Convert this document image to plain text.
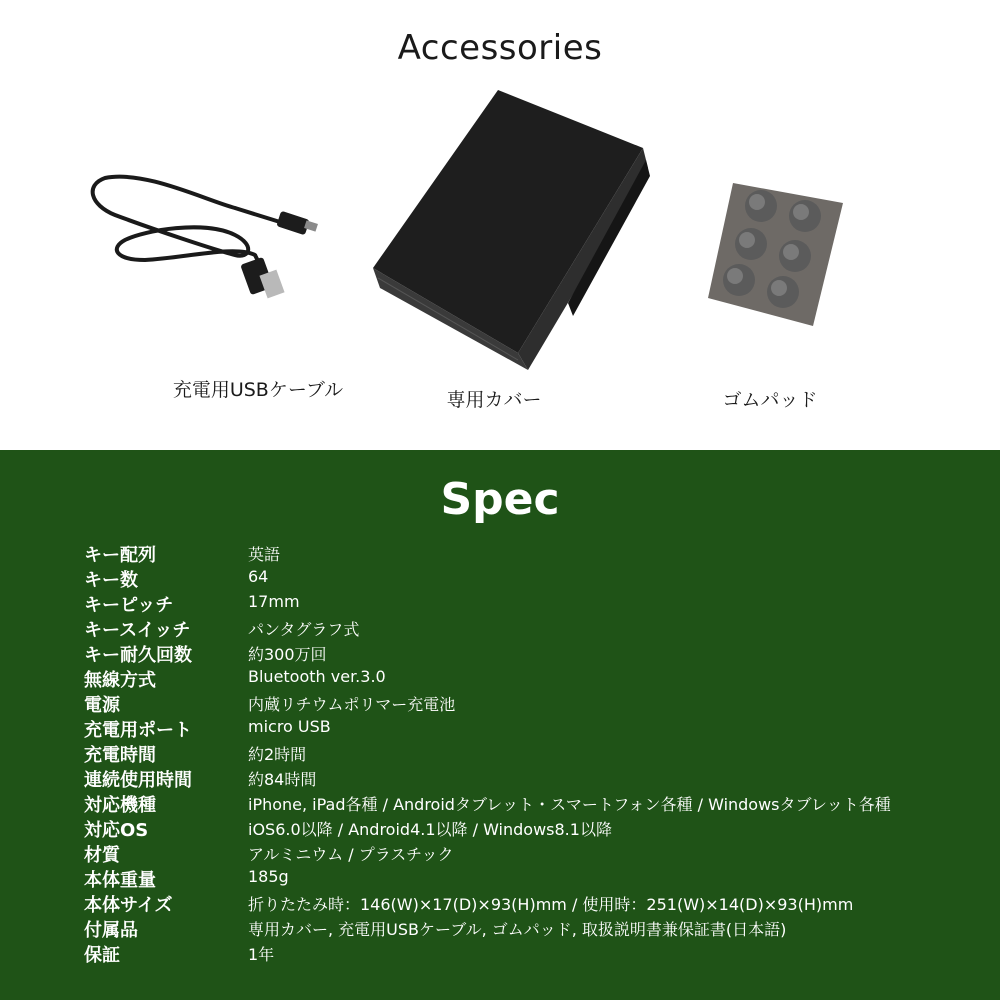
Accessories
充電用USBケーブル	専用カバー	ゴムパッド
Spec
キー配列	英語
キー数	64
キーピッチ	17mm
キースイッチ	パンタグラフ式
キー耐久回数	約300万回
無線方式	Bluetooth ver.3.0
電源	内蔵リチウムポリマー充電池
充電用ポート	micro USB
充電時間	約2時間
連続使用時間	約84時間
対応機種	iPhone, iPad各種 / Androidタブレット・スマートフォン各種 / Windowsタブレット各種
対応OS	iOS6.0以降 / Android4.1以降 / Windows8.1以降
材質	アルミニウム / プラスチック
本体重量	185g
本体サイズ	折りたたみ時：146(W)×17(D)×93(H)mm / 使用時：251(W)×14(D)×93(H)mm
付属品	専用カバー, 充電用USBケーブル, ゴムパッド, 取扱説明書兼保証書(日本語)
保証	1年
